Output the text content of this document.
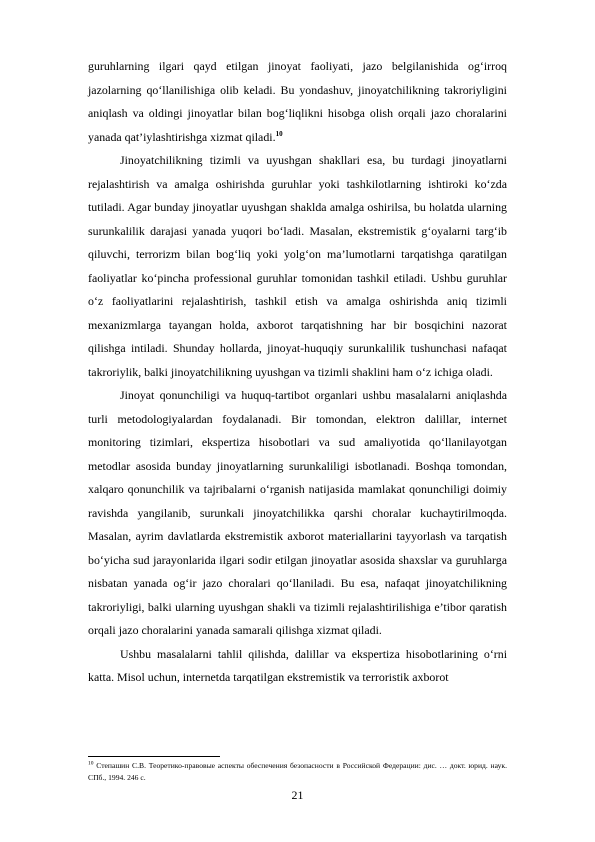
guruhlarning ilgari qayd etilgan jinoyat faoliyati, jazo belgilanishida og‘irroq jazolarning qo‘llanilishiga olib keladi. Bu yondashuv, jinoyatchilikning takroriyligini aniqlash va oldingi jinoyatlar bilan bog‘liqlikni hisobga olish orqali jazo choralarini yanada qat’iylashtirishga xizmat qiladi.$^{10}$

Jinoyatchilikning tizimli va uyushgan shakllari esa, bu turdagi jinoyatlarni rejalashtirish va amalga oshirishda guruhlar yoki tashkilotlarning ishtiroki ko‘zda tutiladi. Agar bunday jinoyatlar uyushgan shaklda amalga oshirilsa, bu holatda ularning surunkalilik darajasi yanada yuqori bo‘ladi. Masalan, ekstremistik g‘oyalarni targ‘ib qiluvchi, terrorizm bilan bog‘liq yoki yolg‘on ma’lumotlarni tarqatishga qaratilgan faoliyatlar ko‘pincha professional guruhlar tomonidan tashkil etiladi. Ushbu guruhlar o‘z faoliyatlarini rejalashtirish, tashkil etish va amalga oshirishda aniq tizimli mexanizmlarga tayangan holda, axborot tarqatishning har bir bosqichini nazorat qilishga intiladi. Shunday hollarda, jinoyat-huquqiy surunkalilik tushunchasi nafaqat takroriylik, balki jinoyatchilikning uyushgan va tizimli shaklini ham o‘z ichiga oladi.

Jinoyat qonunchiligi va huquq-tartibot organlari ushbu masalalarni aniqlashda turli metodologiyalardan foydalanadi. Bir tomondan, elektron dalillar, internet monitoring tizimlari, ekspertiza hisobotlari va sud amaliyotida qo‘llanilayotgan metodlar asosida bunday jinoyatlarning surunkaliligi isbotlanadi. Boshqa tomondan, xalqaro qonunchilik va tajribalarni o‘rganish natijasida mamlakat qonunchiligi doimiy ravishda yangilanib, surunkali jinoyatchilikka qarshi choralar kuchaytirilmoqda. Masalan, ayrim davlatlarda ekstremistik axborot materiallarini tayyorlash va tarqatish bo‘yicha sud jarayonlarida ilgari sodir etilgan jinoyatlar asosida shaxslar va guruhlarga nisbatan yanada og‘ir jazo choralari qo‘llaniladi. Bu esa, nafaqat jinoyatchilikning takroriyligi, balki ularning uyushgan shakli va tizimli rejalashtirilishiga e’tibor qaratish orqali jazo choralarini yanada samarali qilishga xizmat qiladi.

Ushbu masalalarni tahlil qilishda, dalillar va ekspertiza hisobotlarining o‘rni katta. Misol uchun, internetda tarqatilgan ekstremistik va terroristik axborot

$^{10}$ Степашин С.В. Теоретико-правовые аспекты обеспечения безопасности в Российской Федерации: дис. … докт. юрид. наук. СПб., 1994. 246 с.
21
